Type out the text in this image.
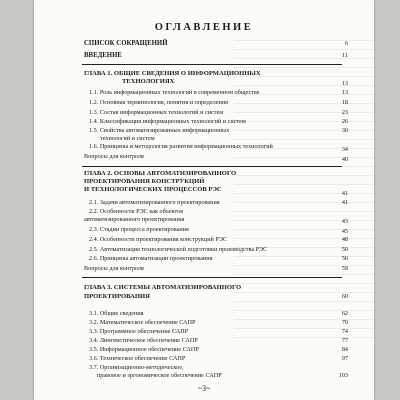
ОГЛАВЛЕНИЕ
СПИСОК СОКРАЩЕНИЙ	6
ВВЕДЕНИЕ	11
ГЛАВА 1. ОБЩИЕ СВЕДЕНИЯ О ИНФОРМАЦИОННЫХ
ТЕХНОЛОГИЯХ	13
1.1. Роль информационных технологий в современном обществе	13
1.2. Основная терминология, понятия и определения	18
1.3. Состав информационных технологий и систем	23
1.4. Классификация информационных технологий и систем	26
1.5. Свойства автоматизированных информационных	30
технологий и систем
1.6. Принципы и методология развития информационных технологий	34
Вопросы для контроля	40
ГЛАВА 2. ОСНОВЫ АВТОМАТИЗИРОВАННОГО
ПРОЕКТИРОВАНИЯ КОНСТРУКЦИЙ
И ТЕХНОЛОГИЧЕСКИХ ПРОЦЕССОВ РЭС
41
2.1. Задачи автоматизированного проектирования	41
2.2. Особенности РЭС как объектов
автоматизированного проектирования	43
2.3. Стадии процесса проектирования	45
2.4. Особенности проектирования конструкций РЭС	48
2.5. Автоматизация технологической подготовки производства РЭС	50
2.6. Принципы автоматизации проектирования	56
Вопросы для контроля	59
ГЛАВА 3. СИСТЕМЫ АВТОМАТИЗИРОВАННОГО
ПРОЕКТИРОВАНИЯ	60
3.1. Общие сведения	62
3.2. Математическое обеспечение САПР	70
3.3. Программное обеспечение САПР	74
3.4. Лингвистическое обеспечение САПР	77
3.5. Информационное обеспечение САПР	84
3.6. Техническое обеспечение САПР	97
3.7. Организационно-методическое,
правовое и эргономическое обеспечение САПР	103
~3~
